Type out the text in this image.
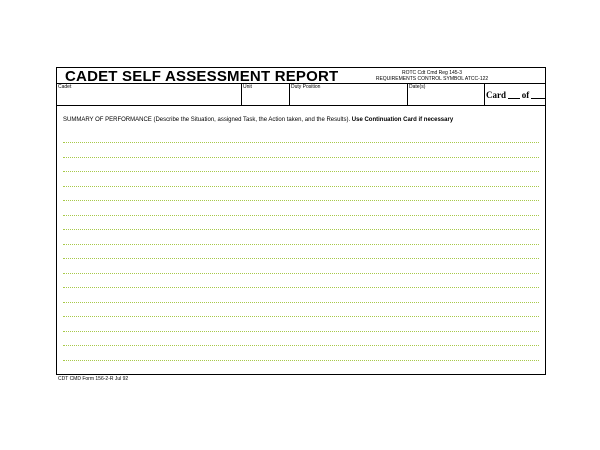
CADET SELF ASSESSMENT REPORT	ROTC Cdt Cmd Reg 145-3
REQUIREMENTS CONTROL SYMBOL ATCC-122
Cadet	Unit	Duty Position	Date(s)
Card of
SUMMARY OF PERFORMANCE (Describe the Situation, assigned Task, the Action taken, and the Results). Use Continuation Card if necessary
CDT CMD Form 156-2-R Jul 92
